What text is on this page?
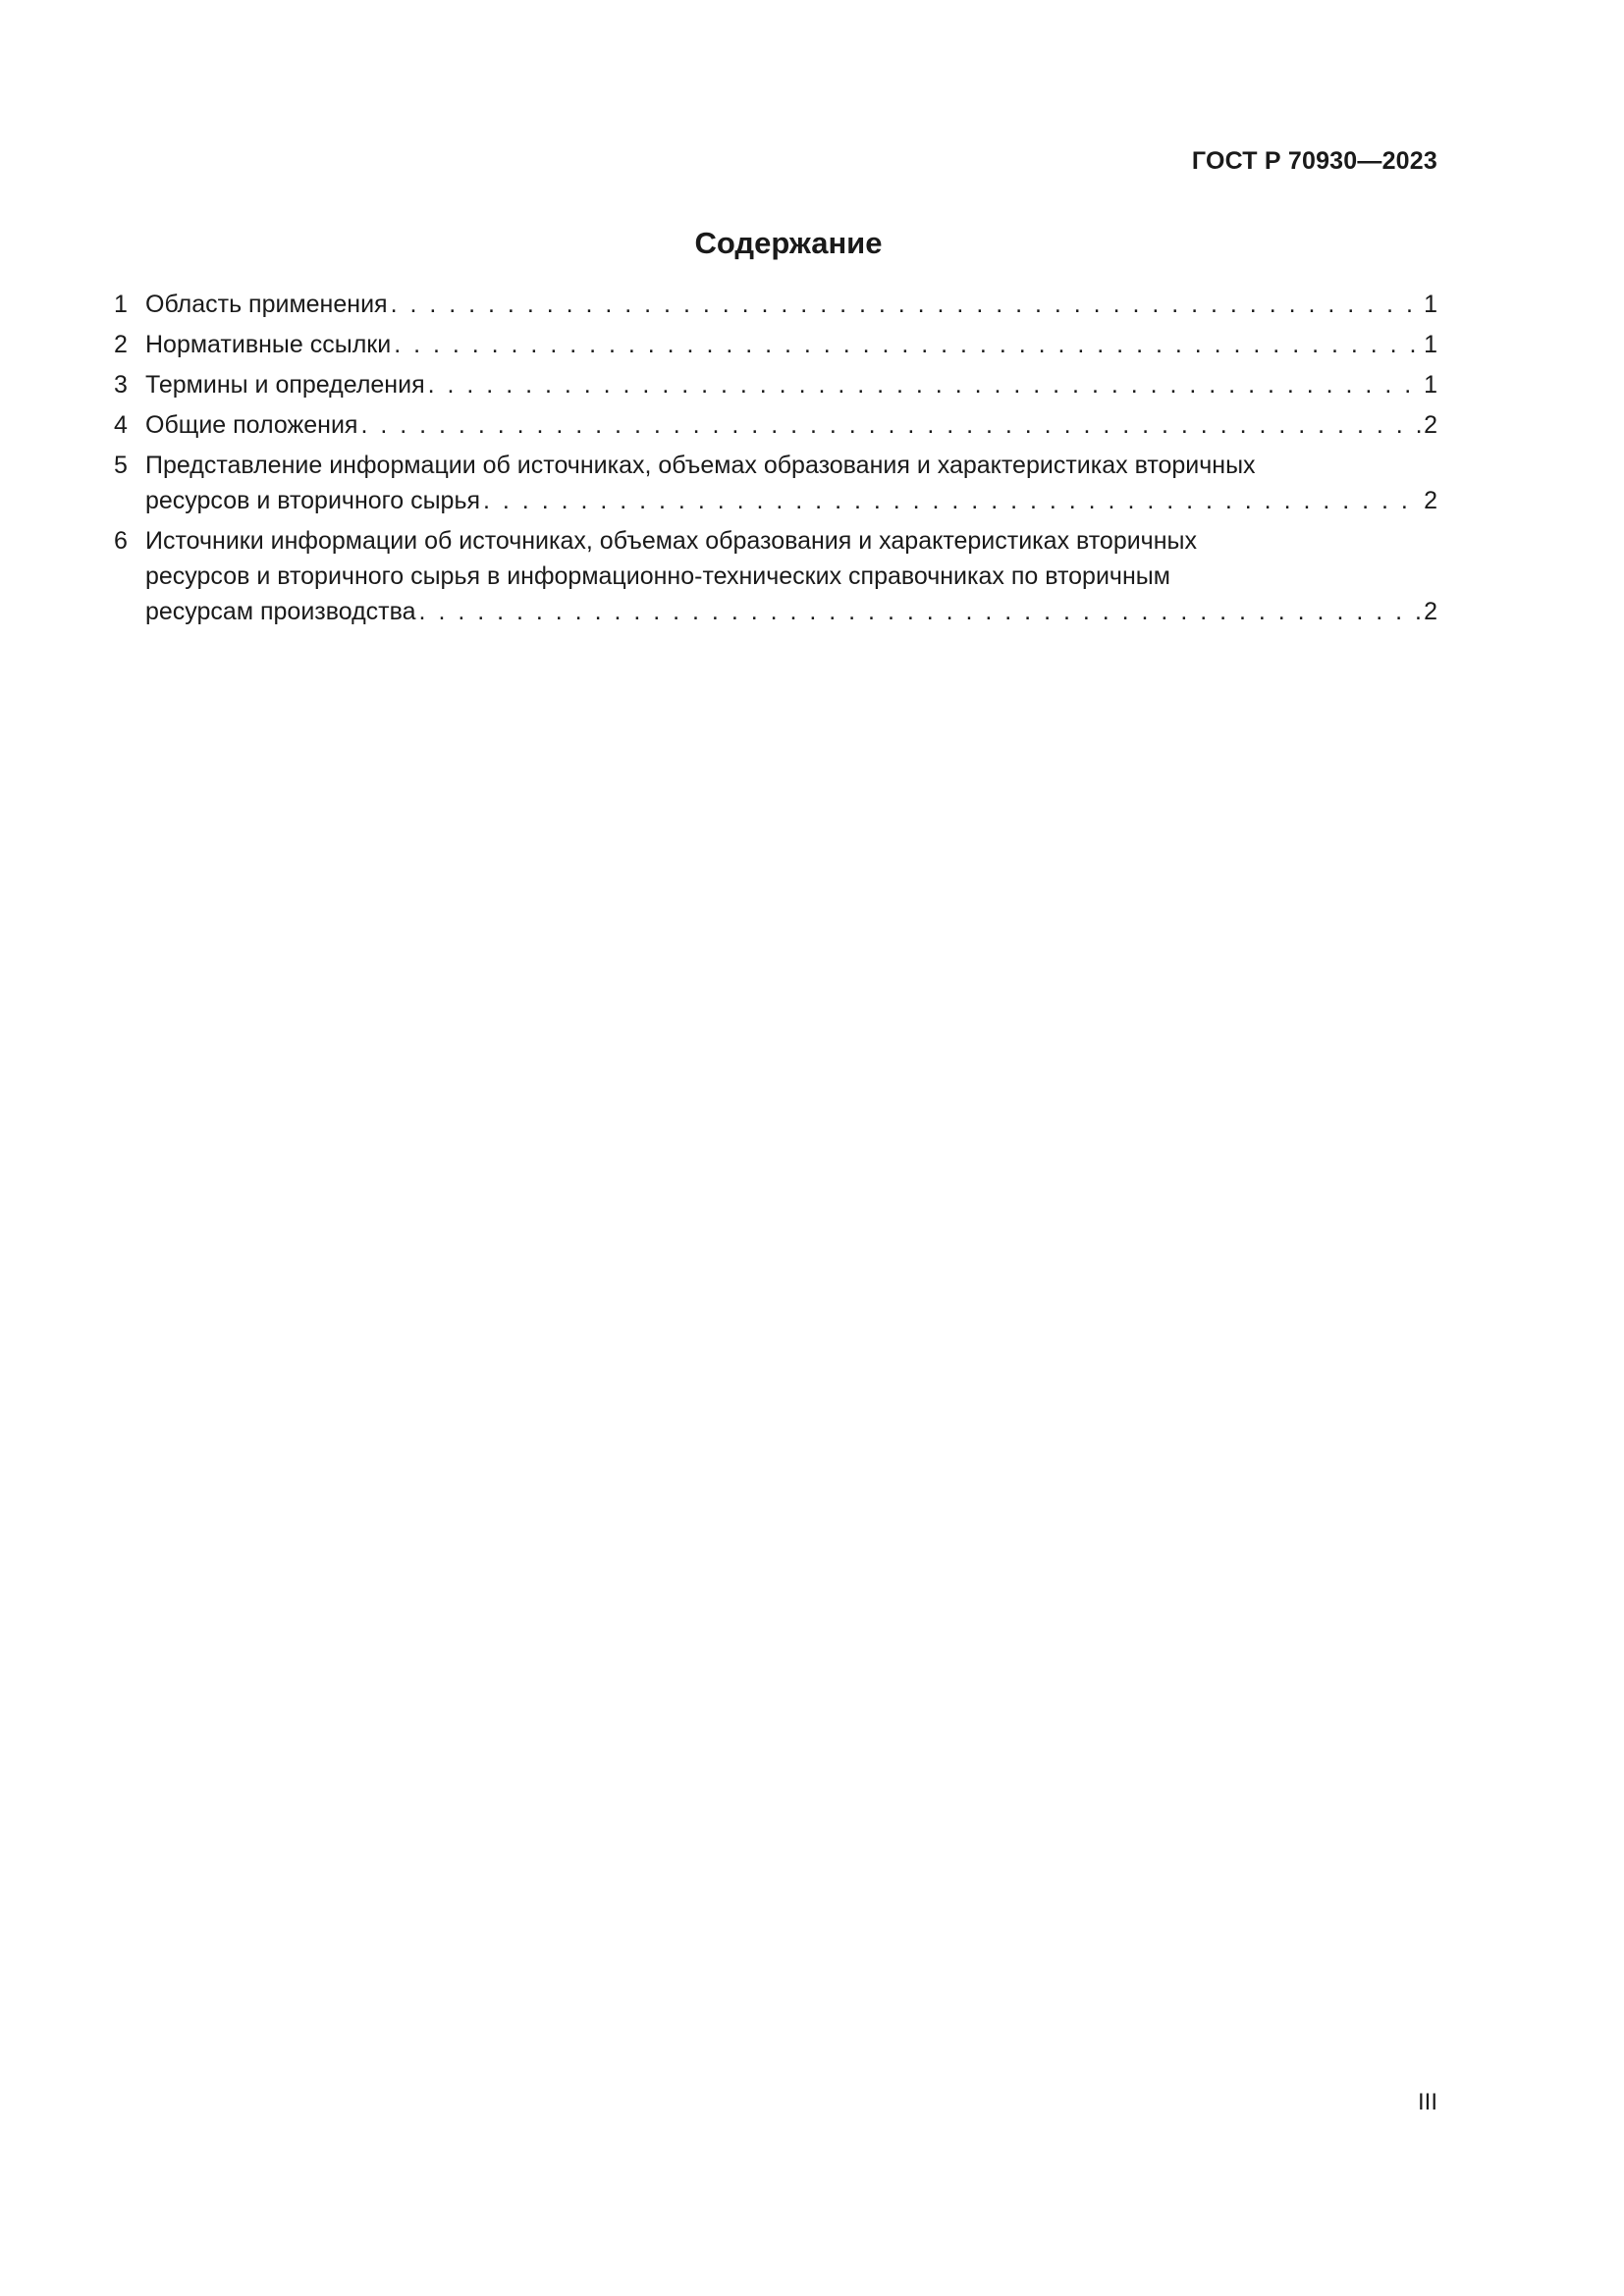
ГОСТ Р 70930—2023
Содержание
1 Область применения . . .	1
2 Нормативные ссылки . . .	1
3 Термины и определения . . .	1
4 Общие положения . . .	2
5 Представление информации об источниках, объемах образования и характеристиках вторичных
ресурсов и вторичного сырья . . .	2
6 Источники информации об источниках, объемах образования и характеристиках вторичных
ресурсов и вторичного сырья в информационно-технических справочниках по вторичным
ресурсам производства . . .	2
III
